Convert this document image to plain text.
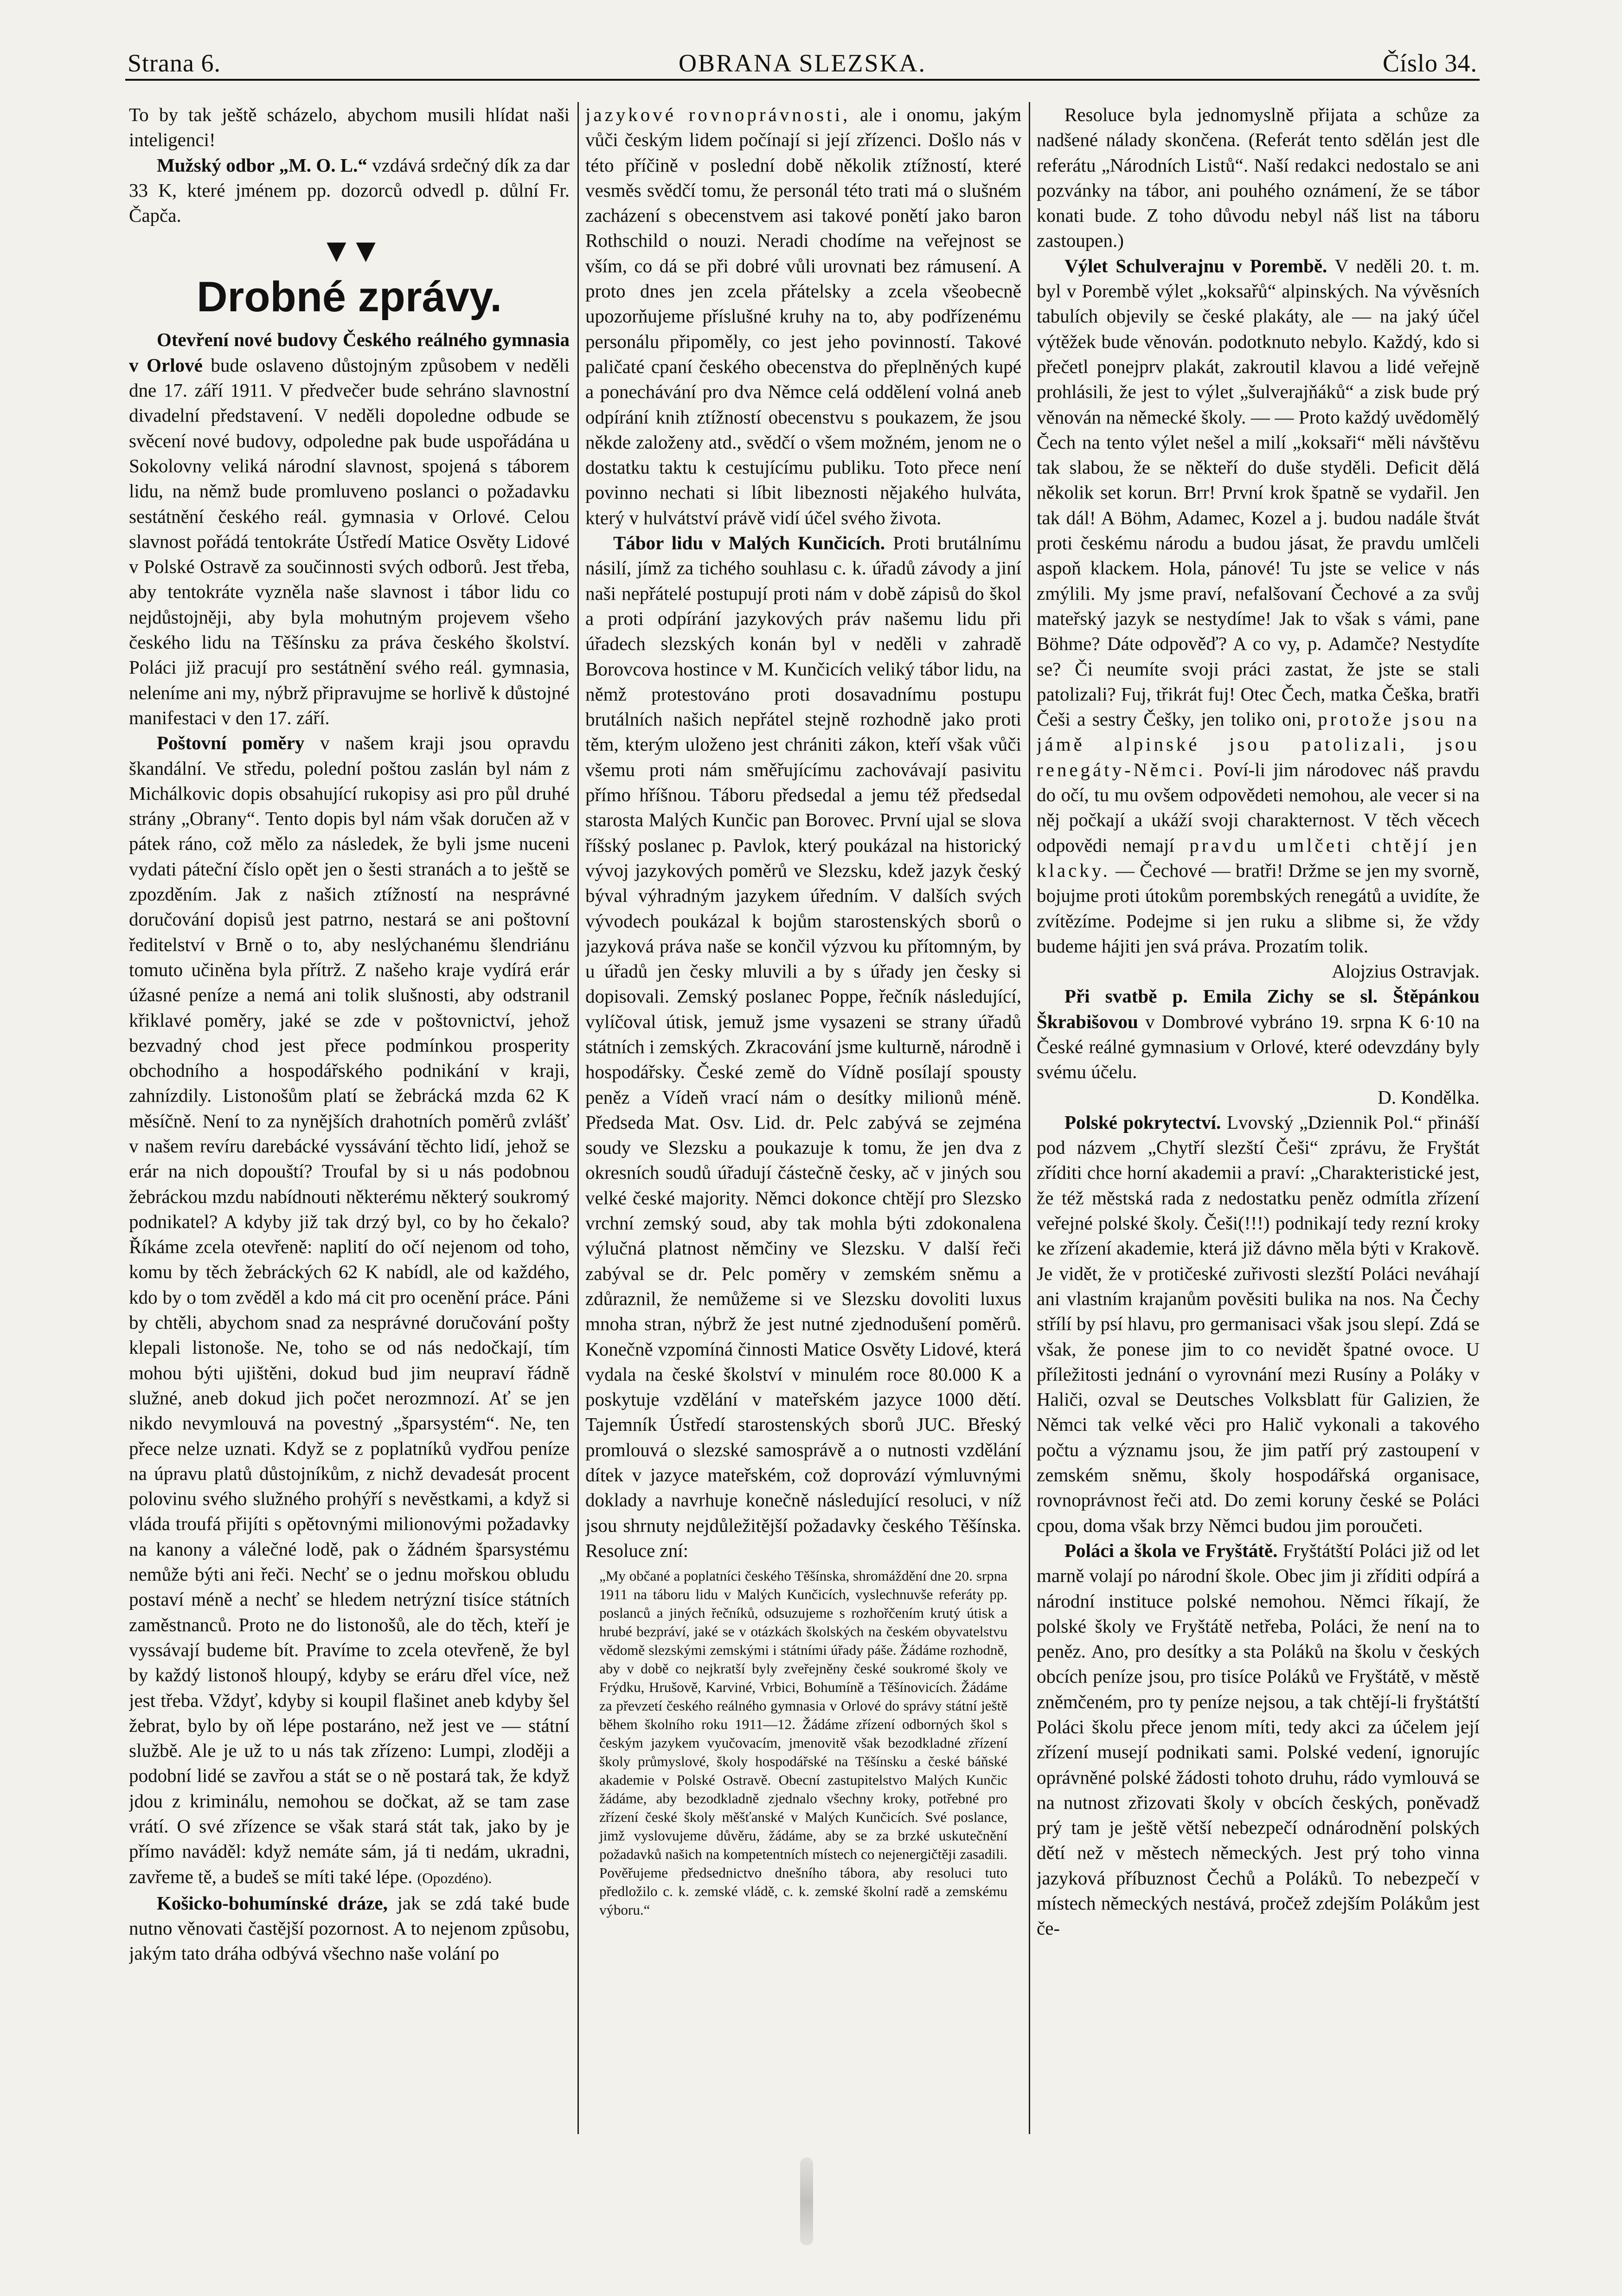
Strana 6.	OBRANA SLEZSKA.	Číslo 34.

To by tak ještě scházelo, abychom musili hlídat naši inteligenci!

Mužský odbor „M. O. L.“ vzdává srdečný dík za dar 33 K, které jménem pp. dozorců odvedl p. důlní Fr. Čapča.

▼▼
Drobné zprávy.

Otevření nové budovy Českého reálného gymnasia v Orlové bude oslaveno důstojným způsobem v neděli dne 17. září 1911. V předvečer bude sehráno slavnostní divadelní představení. V neděli dopoledne odbude se svěcení nové budovy, odpoledne pak bude uspořádána u Sokolovny veliká národní slavnost, spojená s táborem lidu, na němž bude promluveno poslanci o požadavku sestátnění českého reál. gymnasia v Orlové. Celou slavnost pořádá tentokráte Ústředí Matice Osvěty Lidové v Polské Ostravě za součinnosti svých odborů. Jest třeba, aby tentokráte vyzněla naše slavnost i tábor lidu co nejdůstojněji, aby byla mohutným projevem všeho českého lidu na Těšínsku za práva českého školství. Poláci již pracují pro sestátnění svého reál. gymnasia, neleníme ani my, nýbrž připravujme se horlivě k důstojné manifestaci v den 17. září.

Poštovní poměry v našem kraji jsou opravdu škandální. Ve středu, polední poštou zaslán byl nám z Michálkovic dopis obsahující rukopisy asi pro půl druhé strány „Obrany“. Tento dopis byl nám však doručen až v pátek ráno, což mělo za následek, že byli jsme nuceni vydati páteční číslo opět jen o šesti stranách a to ještě se zpozděním. Jak z našich ztížností na nesprávné doručování dopisů jest patrno, nestará se ani poštovní ředitelství v Brně o to, aby neslýchanému šlendriánu tomuto učiněna byla přítrž. Z našeho kraje vydírá erár úžasné peníze a nemá ani tolik slušnosti, aby odstranil křiklavé poměry, jaké se zde v poštovnictví, jehož bezvadný chod jest přece podmínkou prosperity obchodního a hospodářského podnikání v kraji, zahnízdily. Listonošům platí se žebrácká mzda 62 K měsíčně. Není to za nynějších drahotních poměrů zvlášť v našem revíru darebácké vyssávání těchto lidí, jehož se erár na nich dopouští? Troufal by si u nás podobnou žebráckou mzdu nabídnouti některému některý soukromý podnikatel? A kdyby již tak drzý byl, co by ho čekalo? Říkáme zcela otevřeně: naplití do očí nejenom od toho, komu by těch žebráckých 62 K nabídl, ale od každého, kdo by o tom zvěděl a kdo má cit pro ocenění práce. Páni by chtěli, abychom snad za nesprávné doručování pošty klepali listonoše. Ne, toho se od nás nedočkají, tím mohou býti ujištěni, dokud bud jim neupraví řádně služné, aneb dokud jich počet nerozmnozí. Ať se jen nikdo nevymlouvá na povestný „šparsystém“. Ne, ten přece nelze uznati. Když se z poplatníků vydřou peníze na úpravu platů důstojníkům, z nichž devadesát procent polovinu svého služného prohýří s nevěstkami, a když si vláda troufá přijíti s opětovnými milionovými požadavky na kanony a válečné lodě, pak o žádném šparsystému nemůže býti ani řeči. Nechť se o jednu mořskou obludu postaví méně a nechť se hledem netrýzní tisíce státních zaměstnanců. Proto ne do listonošů, ale do těch, kteří je vyssávají budeme bít. Pravíme to zcela otevřeně, že byl by každý listonoš hloupý, kdyby se eráru dřel více, než jest třeba. Vždyť, kdyby si koupil flašinet aneb kdyby šel žebrat, bylo by oň lépe postaráno, než jest ve — státní službě. Ale je už to u nás tak zřízeno: Lumpi, zloději a podobní lidé se zavřou a stát se o ně postará tak, že když jdou z kriminálu, nemohou se dočkat, až se tam zase vrátí. O své zřízence se však stará stát tak, jako by je přímo naváděl: když nemáte sám, já ti nedám, ukradni, zavřeme tě, a budeš se míti také lépe. (Opozdéno).

Košicko-bohumínské dráze, jak se zdá také bude nutno věnovati častější pozornost. A to nejenom způsobu, jakým tato dráha odbývá všechno naše volání po

jazykové rovnoprávnosti, ale i onomu, jakým vůči českým lidem počínají si její zřízenci. Došlo nás v této příčině v poslední době několik ztížností, které vesměs svědčí tomu, že personál této trati má o slušném zacházení s obecenstvem asi takové ponětí jako baron Rothschild o nouzi. Neradi chodíme na veřejnost se vším, co dá se při dobré vůli urovnati bez rámusení. A proto dnes jen zcela přátelsky a zcela všeobecně upozorňujeme příslušné kruhy na to, aby podřízenému personálu připoměly, co jest jeho povinností. Takové paličaté cpaní českého obecenstva do přeplněných kupé a ponechávání pro dva Němce celá oddělení volná aneb odpírání knih ztížností obecenstvu s poukazem, že jsou někde založeny atd., svědčí o všem možném, jenom ne o dostatku taktu k cestujícímu publiku. Toto přece není povinno nechati si líbit libeznosti nějakého hulváta, který v hulvátství právě vidí účel svého života.

Tábor lidu v Malých Kunčicích. Proti brutálnímu násilí, jímž za tichého souhlasu c. k. úřadů závody a jiní naši nepřátelé postupují proti nám v době zápisů do škol a proti odpírání jazykových práv našemu lidu při úřadech slezských konán byl v neděli v zahradě Borovcova hostince v M. Kunčicích veliký tábor lidu, na němž protestováno proti dosavadnímu postupu brutálních našich nepřátel stejně rozhodně jako proti těm, kterým uloženo jest chrániti zákon, kteří však vůči všemu proti nám směřujícímu zachovávají pasivitu přímo hříšnou. Táboru předsedal a jemu též předsedal starosta Malých Kunčic pan Borovec. První ujal se slova říšský poslanec p. Pavlok, který poukázal na historický vývoj jazykových poměrů ve Slezsku, kdež jazyk český býval výhradným jazykem úředním. V dalších svých vývodech poukázal k bojům starostenských sborů o jazyková práva naše se končil výzvou ku přítomným, by u úřadů jen česky mluvili a by s úřady jen česky si dopisovali. Zemský poslanec Poppe, řečník následující, vylíčoval útisk, jemuž jsme vysazeni se strany úřadů státních i zemských. Zkracování jsme kulturně, národně i hospodářsky. České země do Vídně posílají spousty peněz a Vídeň vrací nám o desítky milionů méně. Předseda Mat. Osv. Lid. dr. Pelc zabývá se zejména soudy ve Slezsku a poukazuje k tomu, že jen dva z okresních soudů úřadují částečně česky, ač v jiných sou velké české majority. Němci dokonce chtějí pro Slezsko vrchní zemský soud, aby tak mohla býti zdokonalena výlučná platnost němčiny ve Slezsku. V další řeči zabýval se dr. Pelc poměry v zemském sněmu a zdůraznil, že nemůžeme si ve Slezsku dovoliti luxus mnoha stran, nýbrž že jest nutné zjednodušení poměrů. Konečně vzpomíná činnosti Matice Osvěty Lidové, která vydala na české školství v minulém roce 80.000 K a poskytuje vzdělání v mateřském jazyce 1000 dětí. Tajemník Ústředí starostenských sborů JUC. Břeský promlouvá o slezské samosprávě a o nutnosti vzdělání dítek v jazyce mateřském, což doprovází výmluvnými doklady a navrhuje konečně následující resoluci, v níž jsou shrnuty nejdůležitější požadavky českého Těšínska. Resoluce zní:

„My občané a poplatníci českého Těšínska, shromáždění dne 20. srpna 1911 na táboru lidu v Malých Kunčicích, vyslechnuvše referáty pp. poslanců a jiných řečníků, odsuzujeme s rozhořčením krutý útisk a hrubé bezpráví, jaké se v otázkách školských na českém obyvatelstvu vědomě slezskými zemskými i státními úřady páše. Žádáme rozhodně, aby v době co nejkratší byly zveřejněny české soukromé školy ve Frýdku, Hrušově, Karviné, Vrbici, Bohumíně a Těšínovicích. Žádáme za převzetí českého reálného gymnasia v Orlové do správy státní ještě během školního roku 1911—12. Žádáme zřízení odborných škol s českým jazykem vyučovacím, jmenovitě však bezodkladné zřízení školy průmyslové, školy hospodářské na Těšínsku a české báňské akademie v Polské Ostravě. Obecní zastupitelstvo Malých Kunčic žádáme, aby bezodkladně zjednalo všechny kroky, potřebné pro zřízení české školy měšťanské v Malých Kunčicích. Své poslance, jimž vyslovujeme důvěru, žádáme, aby se za brzké uskutečnění požadavků našich na kompetentních místech co nejenergičtěji zasadili. Pověřujeme předsednictvo dnešního tábora, aby resoluci tuto předložilo c. k. zemské vládě, c. k. zemské školní radě a zemskému výboru.“

Resoluce byla jednomyslně přijata a schůze za nadšené nálady skončena. (Referát tento sdělán jest dle referátu „Národních Listů“. Naší redakci nedostalo se ani pozvánky na tábor, ani pouhého oznámení, že se tábor konati bude. Z toho důvodu nebyl náš list na táboru zastoupen.)

Výlet Schulverajnu v Porembě. V neděli 20. t. m. byl v Porembě výlet „koksařů“ alpinských. Na vývěsních tabulích objevily se české plakáty, ale — na jaký účel výtěžek bude věnován. podotknuto nebylo. Každý, kdo si přečetl ponejprv plakát, zakroutil klavou a lidé veřejně prohlásili, že jest to výlet „šulverajňáků“ a zisk bude prý věnován na německé školy. — — Proto každý uvědomělý Čech na tento výlet nešel a milí „koksaři“ měli návštěvu tak slabou, že se někteří do duše styděli. Deficit dělá několik set korun. Brr! První krok špatně se vydařil. Jen tak dál! A Böhm, Adamec, Kozel a j. budou nadále štvát proti českému národu a budou jásat, že pravdu umlčeli aspoň klackem. Hola, pánové! Tu jste se velice v nás zmýlili. My jsme praví, nefalšovaní Čechové a za svůj mateřský jazyk se nestydíme! Jak to však s vámi, pane Böhme? Dáte odpověď? A co vy, p. Adamče? Nestydíte se? Či neumíte svoji práci zastat, že jste se stali patolizali? Fuj, třikrát fuj! Otec Čech, matka Češka, bratři Češi a sestry Češky, jen toliko oni, protože jsou na jámě alpinské jsou patolizali, jsou renegáty-Němci. Poví-li jim národovec náš pravdu do očí, tu mu ovšem odpovědeti nemohou, ale vecer si na něj počkají a ukáží svoji charakternost. V těch věcech odpovědi nemají pravdu umlčeti chtějí jen klacky. — Čechové — bratři! Držme se jen my svorně, bojujme proti útokům porembských renegátů a uvidíte, že zvítězíme. Podejme si jen ruku a slibme si, že vždy budeme hájiti jen svá práva. Prozatím tolik.

Alojzius Ostravjak.

Při svatbě p. Emila Zichy se sl. Štěpánkou Škrabišovou v Dombrové vybráno 19. srpna K 6·10 na České reálné gymnasium v Orlové, které odevzdány byly svému účelu.

D. Kondělka.

Polské pokrytectví. Lvovský „Dziennik Pol.“ přináší pod názvem „Chytří slezští Češi“ zprávu, že Fryštát zříditi chce horní akademii a praví: „Charakteristické jest, že též městská rada z nedostatku peněz odmítla zřízení veřejné polské školy. Češi(!!!) podnikají tedy rezní kroky ke zřízení akademie, která již dávno měla býti v Krakově. Je vidět, že v protičeské zuřivosti slezští Poláci neváhají ani vlastním krajanům pověsiti bulika na nos. Na Čechy střílí by psí hlavu, pro germanisaci však jsou slepí. Zdá se však, že ponese jim to co nevidět špatné ovoce. U příležitosti jednání o vyrovnání mezi Rusíny a Poláky v Haliči, ozval se Deutsches Volksblatt für Galizien, že Němci tak velké věci pro Halič vykonali a takového počtu a významu jsou, že jim patří prý zastoupení v zemském sněmu, školy hospodářská organisace, rovnoprávnost řeči atd. Do zemi koruny české se Poláci cpou, doma však brzy Němci budou jim poroučeti.

Poláci a škola ve Fryštátě. Fryštátští Poláci již od let marně volají po národní škole. Obec jim ji zříditi odpírá a národní instituce polské nemohou. Němci říkají, že polské školy ve Fryštátě netřeba, Poláci, že není na to peněz. Ano, pro desítky a sta Poláků na školu v českých obcích peníze jsou, pro tisíce Poláků ve Fryštátě, v městě zněmčeném, pro ty peníze nejsou, a tak chtějí-li fryštátští Poláci školu přece jenom míti, tedy akci za účelem její zřízení musejí podnikati sami. Polské vedení, ignorujíc oprávněné polské žádosti tohoto druhu, rádo vymlouvá se na nutnost zřizovati školy v obcích českých, poněvadž prý tam je ještě větší nebezpečí odnárodnění polských dětí než v městech německých. Jest prý toho vinna jazyková příbuznost Čechů a Poláků. To nebezpečí v místech německých nestává, pročež zdejším Polákům jest če-
